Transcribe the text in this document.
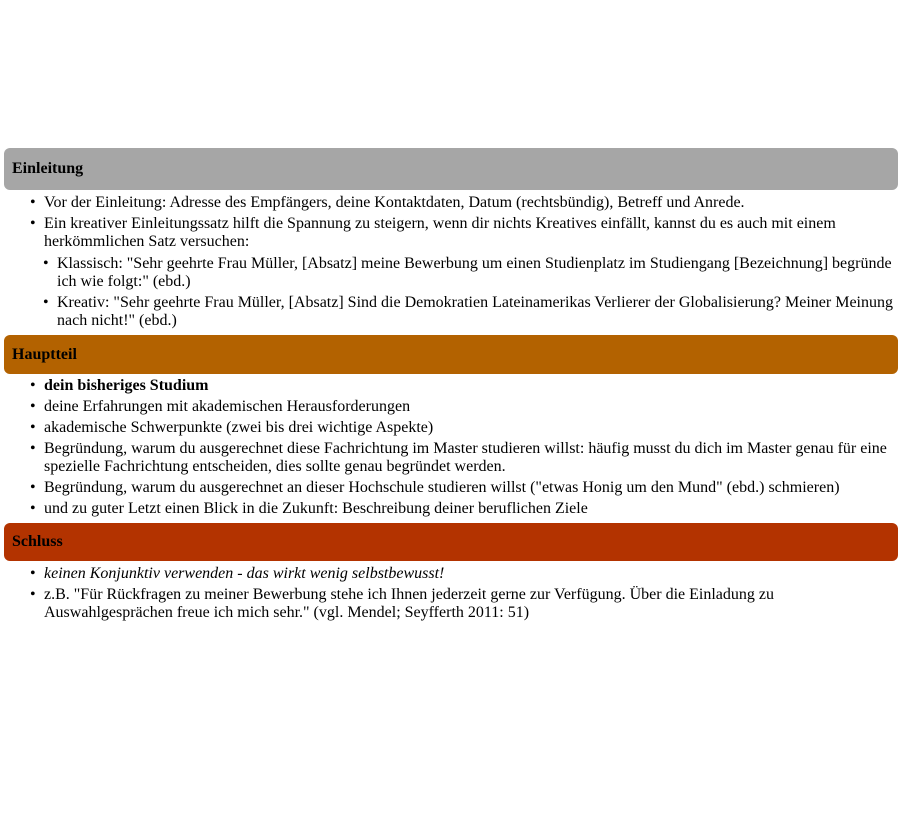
Einleitung
• Vor der Einleitung: Adresse des Empfängers, deine Kontaktdaten, Datum (rechtsbündig), Betreff und Anrede.
• Ein kreativer Einleitungssatz hilft die Spannung zu steigern, wenn dir nichts Kreatives einfällt, kannst du es auch mit einem herkömmlichen Satz versuchen:
• Klassisch: "Sehr geehrte Frau Müller, [Absatz] meine Bewerbung um einen Studienplatz im Studiengang [Bezeichnung] begründe ich wie folgt:" (ebd.)
• Kreativ: "Sehr geehrte Frau Müller, [Absatz] Sind die Demokratien Lateinamerikas Verlierer der Globalisierung? Meiner Meinung nach nicht!" (ebd.)
Hauptteil
• dein bisheriges Studium
• deine Erfahrungen mit akademischen Herausforderungen
• akademische Schwerpunkte (zwei bis drei wichtige Aspekte)
• Begründung, warum du ausgerechnet diese Fachrichtung im Master studieren willst: häufig musst du dich im Master genau für eine spezielle Fachrichtung entscheiden, dies sollte genau begründet werden.
• Begründung, warum du ausgerechnet an dieser Hochschule studieren willst ("etwas Honig um den Mund" (ebd.) schmieren)
• und zu guter Letzt einen Blick in die Zukunft: Beschreibung deiner beruflichen Ziele
Schluss
• keinen Konjunktiv verwenden - das wirkt wenig selbstbewusst!
• z.B. "Für Rückfragen zu meiner Bewerbung stehe ich Ihnen jederzeit gerne zur Verfügung. Über die Einladung zu Auswahlgesprächen freue ich mich sehr." (vgl. Mendel; Seyfferth 2011: 51)
